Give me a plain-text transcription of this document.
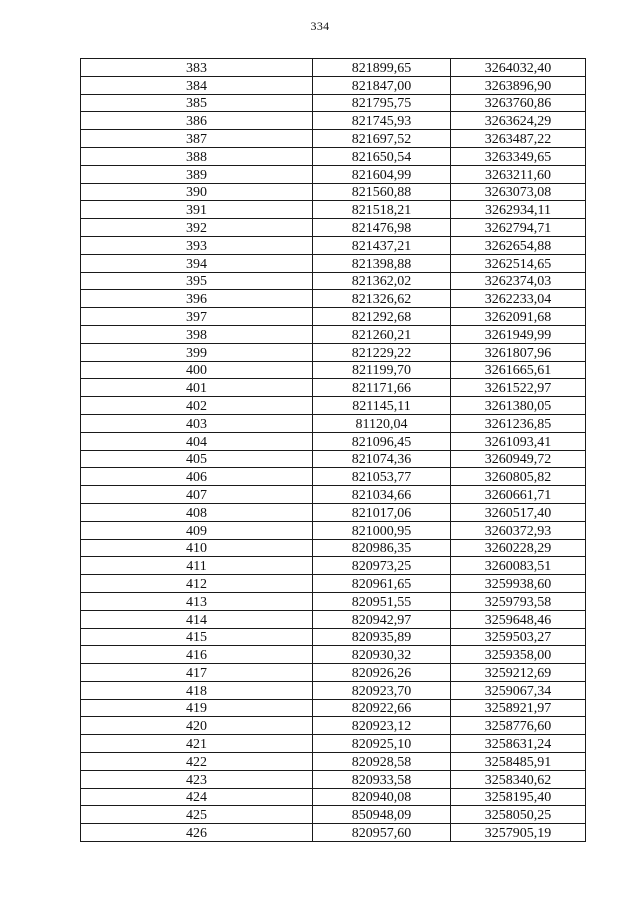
334
383	821899,65	3264032,40
384	821847,00	3263896,90
385	821795,75	3263760,86
386	821745,93	3263624,29
387	821697,52	3263487,22
388	821650,54	3263349,65
389	821604,99	3263211,60
390	821560,88	3263073,08
391	821518,21	3262934,11
392	821476,98	3262794,71
393	821437,21	3262654,88
394	821398,88	3262514,65
395	821362,02	3262374,03
396	821326,62	3262233,04
397	821292,68	3262091,68
398	821260,21	3261949,99
399	821229,22	3261807,96
400	821199,70	3261665,61
401	821171,66	3261522,97
402	821145,11	3261380,05
403	81120,04	3261236,85
404	821096,45	3261093,41
405	821074,36	3260949,72
406	821053,77	3260805,82
407	821034,66	3260661,71
408	821017,06	3260517,40
409	821000,95	3260372,93
410	820986,35	3260228,29
411	820973,25	3260083,51
412	820961,65	3259938,60
413	820951,55	3259793,58
414	820942,97	3259648,46
415	820935,89	3259503,27
416	820930,32	3259358,00
417	820926,26	3259212,69
418	820923,70	3259067,34
419	820922,66	3258921,97
420	820923,12	3258776,60
421	820925,10	3258631,24
422	820928,58	3258485,91
423	820933,58	3258340,62
424	820940,08	3258195,40
425	850948,09	3258050,25
426	820957,60	3257905,19
